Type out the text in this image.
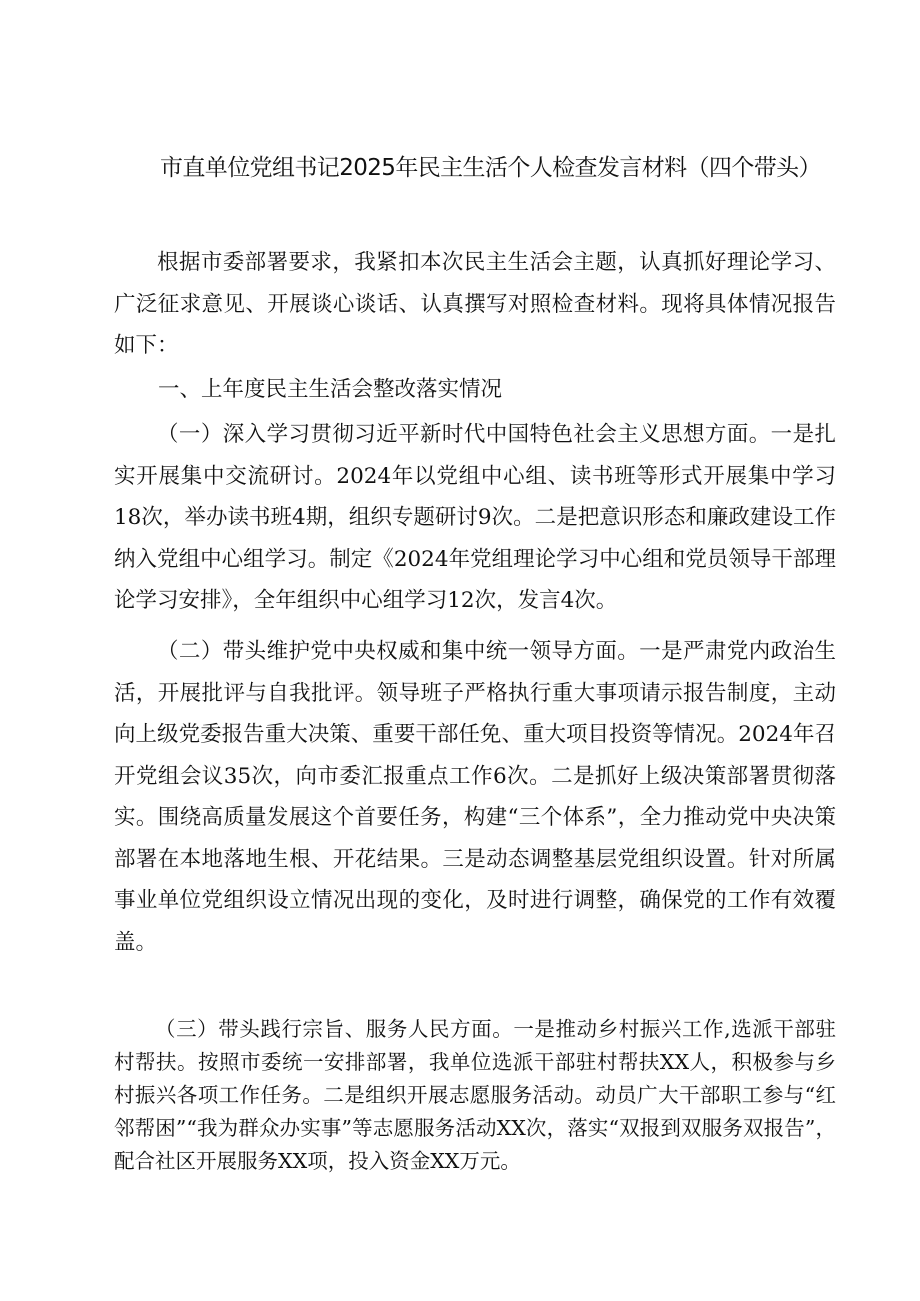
市直单位党组书记2025年民主生活个人检查发言材料（四个带头）

根据市委部署要求，我紧扣本次民主生活会主题，认真抓好理论学习、广泛征求意见、开展谈心谈话、认真撰写对照检查材料。现将具体情况报告如下：

一、上年度民主生活会整改落实情况

（一）深入学习贯彻习近平新时代中国特色社会主义思想方面。一是扎实开展集中交流研讨。2024年以党组中心组、读书班等形式开展集中学习18次，举办读书班4期，组织专题研讨9次。二是把意识形态和廉政建设工作纳入党组中心组学习。制定《2024年党组理论学习中心组和党员领导干部理论学习安排》，全年组织中心组学习12次，发言4次。

（二）带头维护党中央权威和集中统一领导方面。一是严肃党内政治生活，开展批评与自我批评。领导班子严格执行重大事项请示报告制度，主动向上级党委报告重大决策、重要干部任免、重大项目投资等情况。2024年召开党组会议35次，向市委汇报重点工作6次。二是抓好上级决策部署贯彻落实。围绕高质量发展这个首要任务，构建“三个体系”，全力推动党中央决策部署在本地落地生根、开花结果。三是动态调整基层党组织设置。针对所属事业单位党组织设立情况出现的变化，及时进行调整，确保党的工作有效覆盖。

（三）带头践行宗旨、服务人民方面。一是推动乡村振兴工作,选派干部驻村帮扶。按照市委统一安排部署，我单位选派干部驻村帮扶XX人，积极参与乡村振兴各项工作任务。二是组织开展志愿服务活动。动员广大干部职工参与“红邻帮困”“我为群众办实事”等志愿服务活动XX次，落实“双报到双服务双报告”，配合社区开展服务XX项，投入资金XX万元。
